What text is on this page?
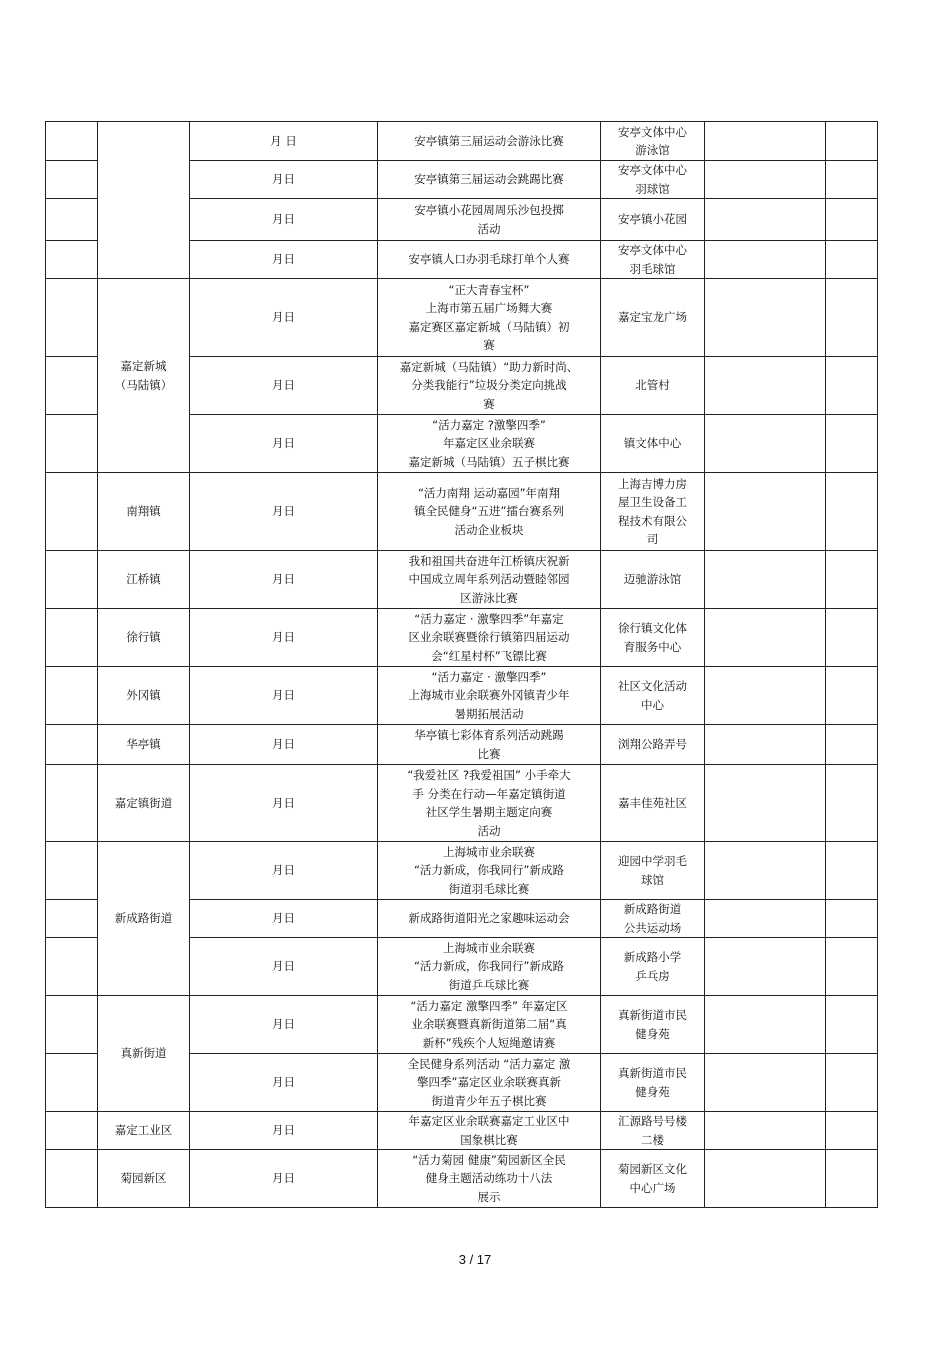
		月 日	安亭镇第三届运动会游泳比赛	安亭文体中心
游泳馆		
		月日	安亭镇第三届运动会跳踢比赛	安亭文体中心
羽球馆		
		月日	安亭镇小花园周周乐沙包投掷
活动	安亭镇小花园		
		月日	安亭镇人口办羽毛球打单个人赛	安亭文体中心
羽毛球馆		
	嘉定新城
（马陆镇）	月日	“正大青春宝杯”
上海市第五届广场舞大赛
嘉定赛区嘉定新城（马陆镇）初
赛	嘉定宝龙广场		
		月日	嘉定新城（马陆镇）“助力新时尚、
分类我能行”垃圾分类定向挑战
赛	北管村		
		月日	“活力嘉定 ?激擎四季”
年嘉定区业余联赛
嘉定新城（马陆镇）五子棋比赛	镇文体中心		
	南翔镇	月日	“活力南翔 运动嘉园”年南翔
镇全民健身“五进”擂台赛系列
活动企业板块	上海吉博力房
屋卫生设备工
程技术有限公
司		
	江桥镇	月日	我和祖国共奋进年江桥镇庆祝新
中国成立周年系列活动暨睦邻园
区游泳比赛	迈驰游泳馆		
	徐行镇	月日	“活力嘉定 · 激擎四季”年嘉定
区业余联赛暨徐行镇第四届运动
会“红星村杯”飞镖比赛	徐行镇文化体
育服务中心		
	外冈镇	月日	“活力嘉定 · 激擎四季”
上海城市业余联赛外冈镇青少年
暑期拓展活动	社区文化活动
中心		
	华亭镇	月日	华亭镇七彩体育系列活动跳踢
比赛	浏翔公路弄号		
	嘉定镇街道	月日	“我爱社区 ?我爱祖国” 小手牵大
手 分类在行动—年嘉定镇街道
社区学生暑期主题定向赛
活动	嘉丰佳苑社区		
	新成路街道	月日	上海城市业余联赛
“活力新成，你我同行”新成路
街道羽毛球比赛	迎园中学羽毛
球馆		
		月日	新成路街道阳光之家趣味运动会	新成路街道
公共运动场		
		月日	上海城市业余联赛
“活力新成，你我同行”新成路
街道乒乓球比赛	新成路小学
乒乓房		
	真新街道	月日	“活力嘉定 激擎四季” 年嘉定区
业余联赛暨真新街道第二届“真
新杯”残疾个人短绳邀请赛	真新街道市民
健身苑		
		月日	全民健身系列活动 “活力嘉定 激
擎四季”嘉定区业余联赛真新
街道青少年五子棋比赛	真新街道市民
健身苑		
	嘉定工业区	月日	年嘉定区业余联赛嘉定工业区中
国象棋比赛	汇源路号号楼
二楼		
	菊园新区	月日	“活力菊园 健康”菊园新区全民
健身主题活动练功十八法
展示	菊园新区文化
中心广场		
3 / 17
